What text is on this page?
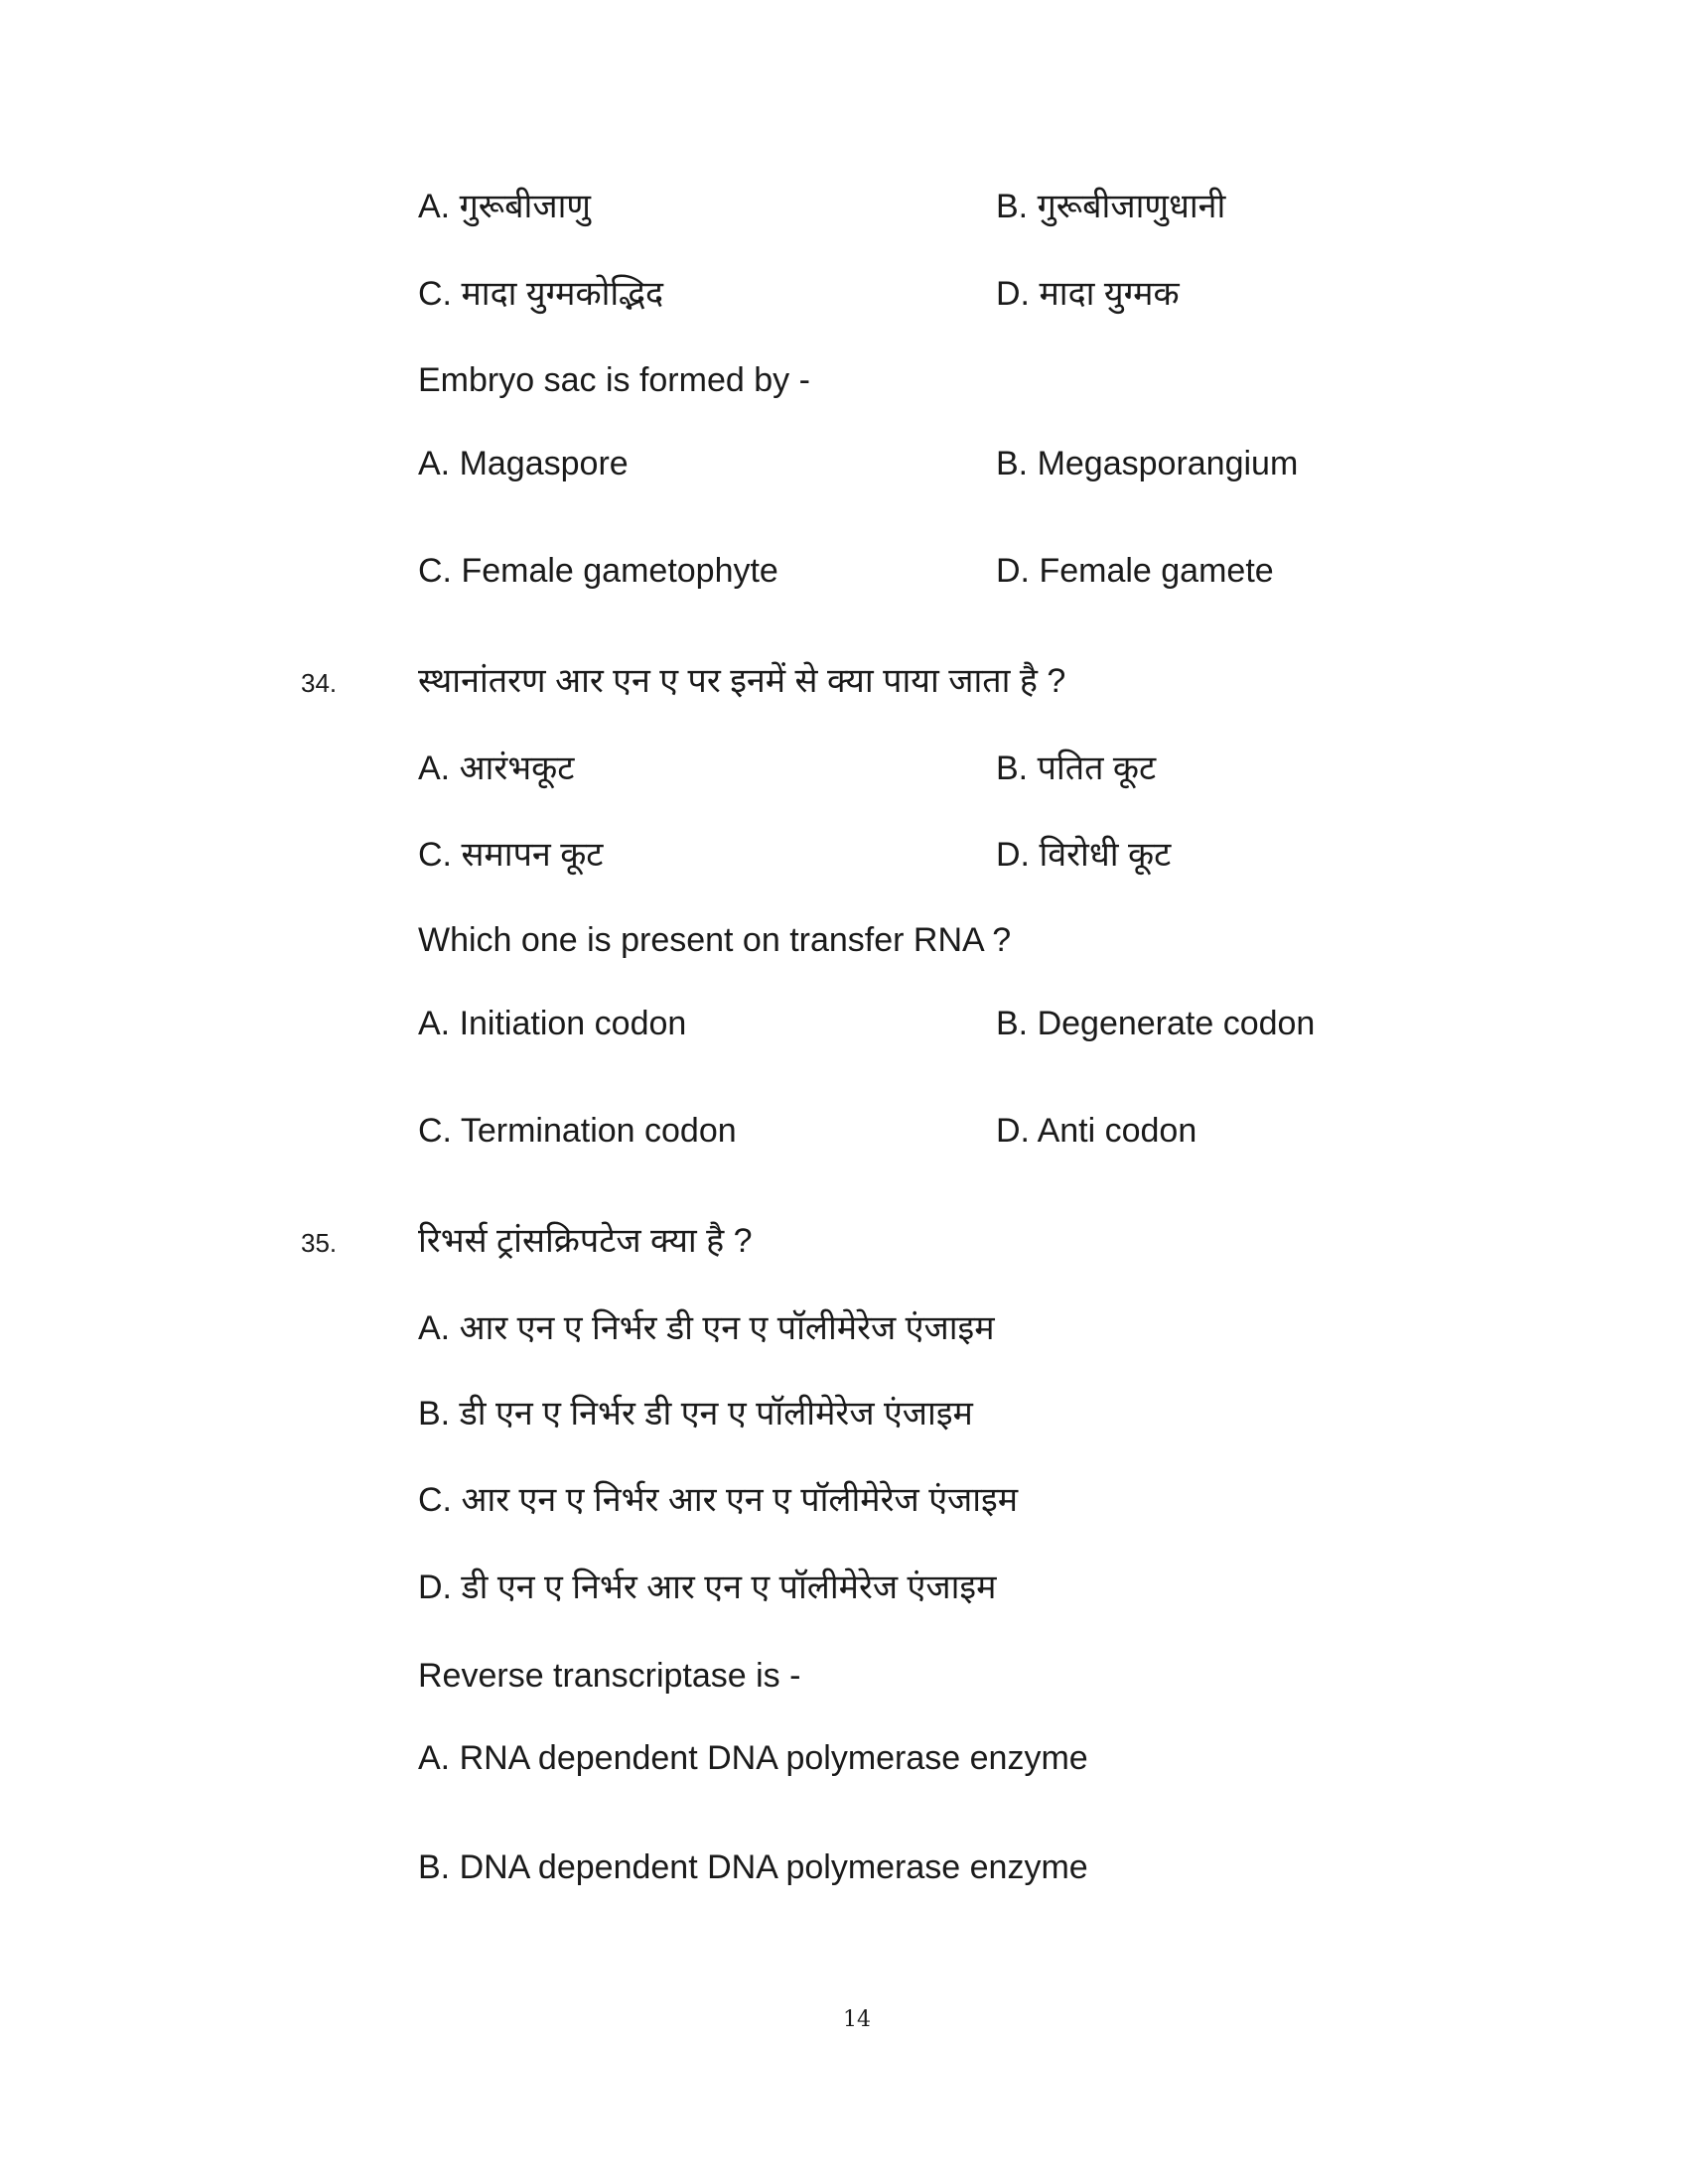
A. गुरूबीजाणु	B. गुरूबीजाणुधानी
C. मादा युग्मकोद्भिद	D. मादा युग्मक
Embryo sac is formed by -
A. Magaspore	B. Megasporangium
C. Female gametophyte	D. Female gamete
34. स्थानांतरण आर एन ए पर इनमें से क्या पाया जाता है ?
A. आरंभकूट	B. पतित कूट
C. समापन कूट	D. विरोधी कूट
Which one is present on transfer RNA ?
A. Initiation codon	B. Degenerate codon
C. Termination codon	D. Anti codon
35. रिभर्स ट्रांसक्रिपटेज क्या है ?
A. आर एन ए निर्भर डी एन ए पॉलीमेरेज एंजाइम
B. डी एन ए निर्भर डी एन ए पॉलीमेरेज एंजाइम
C. आर एन ए निर्भर आर एन ए पॉलीमेरेज एंजाइम
D. डी एन ए निर्भर आर एन ए पॉलीमेरेज एंजाइम
Reverse transcriptase is -
A. RNA dependent DNA polymerase enzyme
B. DNA dependent DNA polymerase enzyme
14
